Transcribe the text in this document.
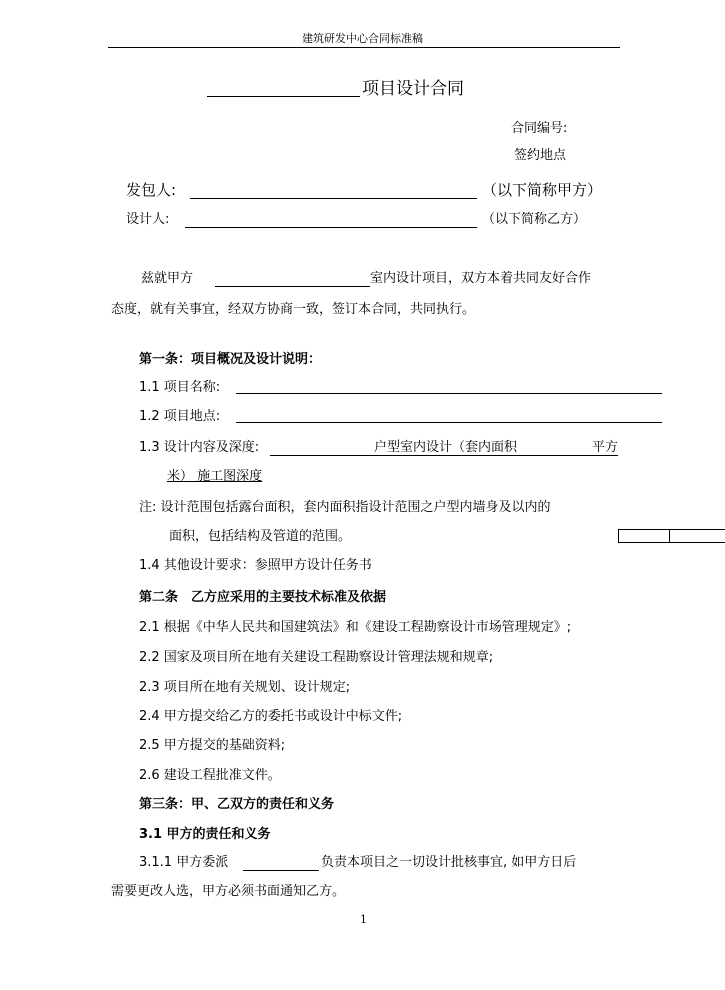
建筑研发中心合同标准稿
项目设计合同
合同编号:
签约地点
发包人:	（以下简称甲方）
设计人:	（以下简称乙方）
兹就甲方	室内设计项目，双方本着共同友好合作
态度，就有关事宜，经双方协商一致，签订本合同，共同执行。
第一条：项目概况及设计说明：
1.1 项目名称:
1.2 项目地点:
1.3 设计内容及深度:	户型室内设计（套内面积	平方
米） 施工图深度
注: 设计范围包括露台面积，套内面积指设计范围之户型内墙身及以内的
面积，包括结构及管道的范围。
1.4 其他设计要求：参照甲方设计任务书
第二条　乙方应采用的主要技术标准及依据
2.1 根据《中华人民共和国建筑法》和《建设工程勘察设计市场管理规定》;
2.2 国家及项目所在地有关建设工程勘察设计管理法规和规章;
2.3 项目所在地有关规划、设计规定;
2.4 甲方提交给乙方的委托书或设计中标文件;
2.5 甲方提交的基础资料;
2.6 建设工程批准文件。
第三条：甲、乙双方的责任和义务
3.1 甲方的责任和义务
3.1.1 甲方委派	负责本项目之一切设计批核事宜, 如甲方日后
需要更改人选，甲方必须书面通知乙方。
1
